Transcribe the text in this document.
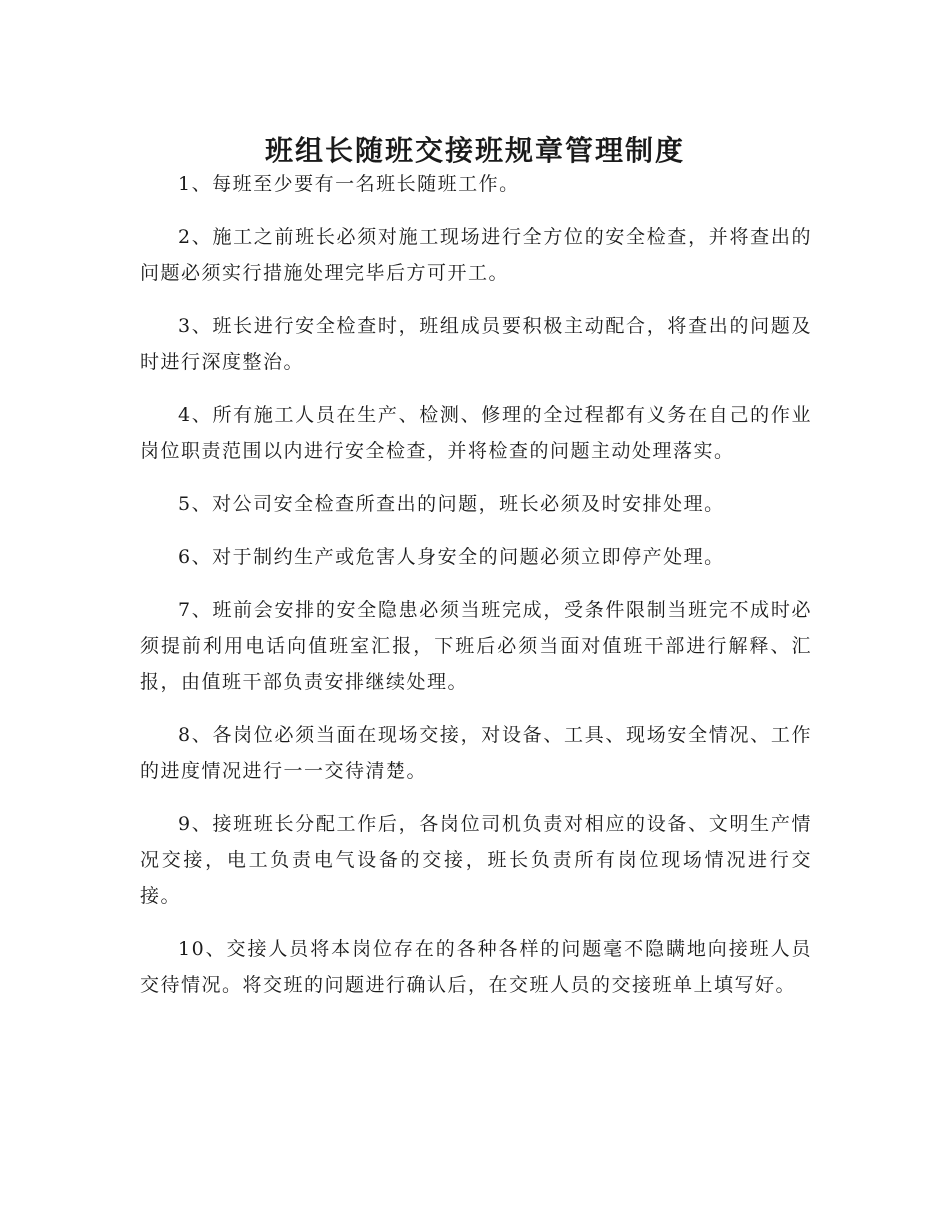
班组长随班交接班规章管理制度

1、每班至少要有一名班长随班工作。

2、施工之前班长必须对施工现场进行全方位的安全检查，并将查出的问题必须实行措施处理完毕后方可开工。

3、班长进行安全检查时，班组成员要积极主动配合，将查出的问题及时进行深度整治。

4、所有施工人员在生产、检测、修理的全过程都有义务在自己的作业岗位职责范围以内进行安全检查，并将检查的问题主动处理落实。

5、对公司安全检查所查出的问题，班长必须及时安排处理。

6、对于制约生产或危害人身安全的问题必须立即停产处理。

7、班前会安排的安全隐患必须当班完成，受条件限制当班完不成时必须提前利用电话向值班室汇报，下班后必须当面对值班干部进行解释、汇报，由值班干部负责安排继续处理。

8、各岗位必须当面在现场交接，对设备、工具、现场安全情况、工作的进度情况进行一一交待清楚。

9、接班班长分配工作后，各岗位司机负责对相应的设备、文明生产情况交接，电工负责电气设备的交接，班长负责所有岗位现场情况进行交接。

10、交接人员将本岗位存在的各种各样的问题毫不隐瞒地向接班人员交待情况。将交班的问题进行确认后，在交班人员的交接班单上填写好。
